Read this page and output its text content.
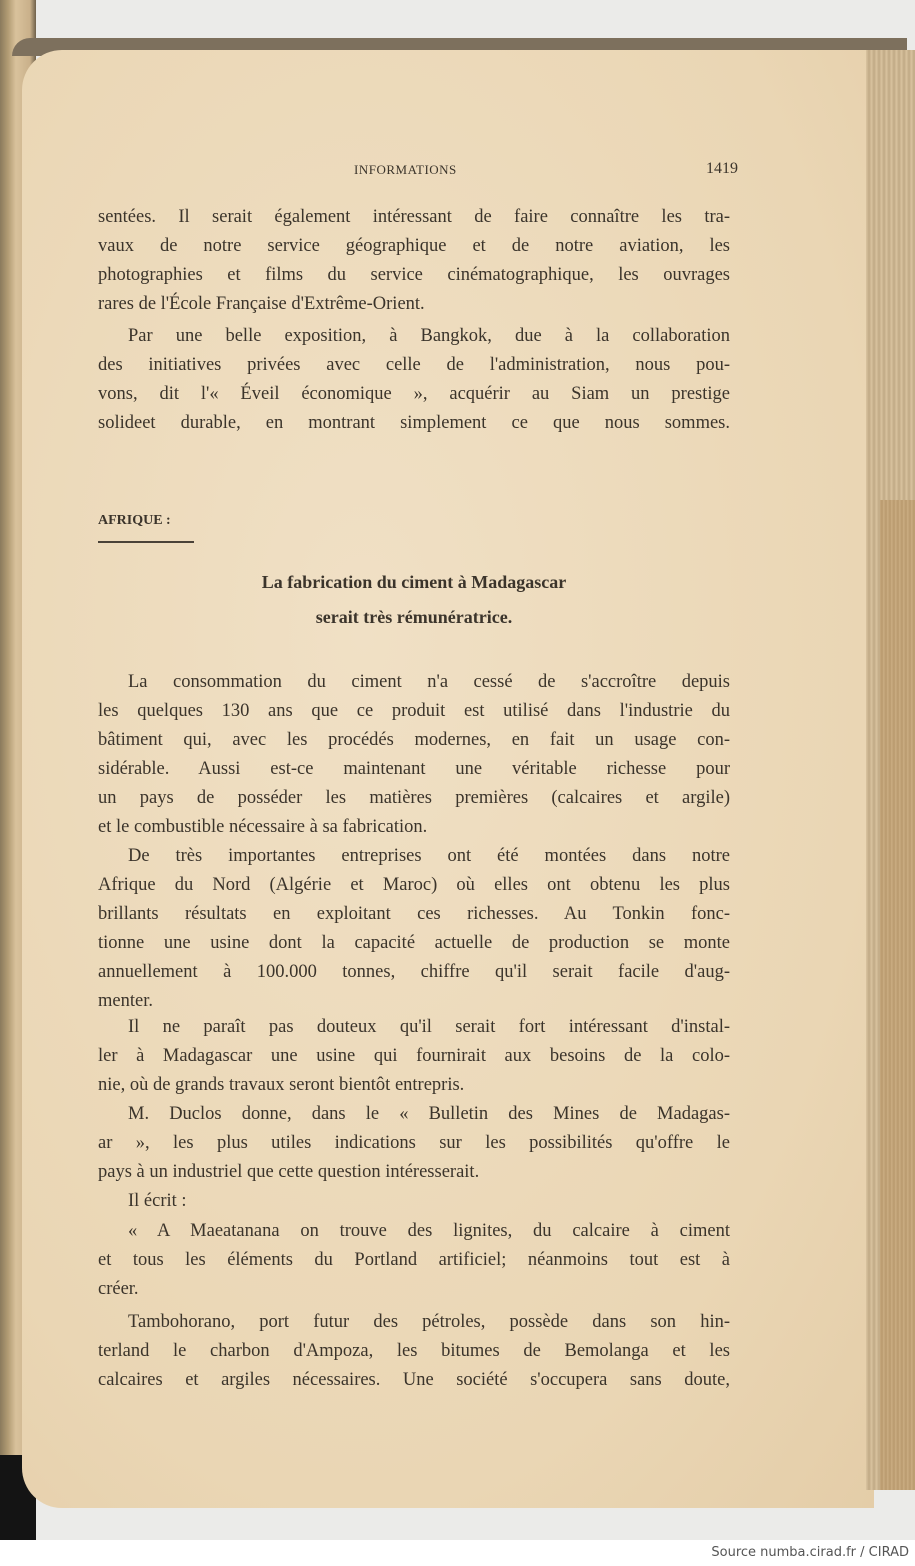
INFORMATIONS	1419
sentées. Il serait également intéressant de faire connaître les tra-
vaux de notre service géographique et de notre aviation, les
photographies et films du service cinématographique, les ouvrages
rares de l'École Française d'Extrême-Orient.
Par une belle exposition, à Bangkok, due à la collaboration
des initiatives privées avec celle de l'administration, nous pou-
vons, dit l'« Éveil économique », acquérir au Siam un prestige
solideet durable, en montrant simplement ce que nous sommes.
AFRIQUE :
La fabrication du ciment à Madagascar
serait très rémunératrice.
La consommation du ciment n'a cessé de s'accroître depuis
les quelques 130 ans que ce produit est utilisé dans l'industrie du
bâtiment qui, avec les procédés modernes, en fait un usage con-
sidérable. Aussi est-ce maintenant une véritable richesse pour
un pays de posséder les matières premières (calcaires et argile)
et le combustible nécessaire à sa fabrication.
De très importantes entreprises ont été montées dans notre
Afrique du Nord (Algérie et Maroc) où elles ont obtenu les plus
brillants résultats en exploitant ces richesses. Au Tonkin fonc-
tionne une usine dont la capacité actuelle de production se monte
annuellement à 100.000 tonnes, chiffre qu'il serait facile d'aug-
menter.
Il ne paraît pas douteux qu'il serait fort intéressant d'instal-
ler à Madagascar une usine qui fournirait aux besoins de la colo-
nie, où de grands travaux seront bientôt entrepris.
M. Duclos donne, dans le « Bulletin des Mines de Madagas-
ar », les plus utiles indications sur les possibilités qu'offre le
pays à un industriel que cette question intéresserait.
Il écrit :
« A Maeatanana on trouve des lignites, du calcaire à ciment
et tous les éléments du Portland artificiel; néanmoins tout est à
créer.
Tambohorano, port futur des pétroles, possède dans son hin-
terland le charbon d'Ampoza, les bitumes de Bemolanga et les
calcaires et argiles nécessaires. Une société s'occupera sans doute,
Source numba.cirad.fr / CIRAD
